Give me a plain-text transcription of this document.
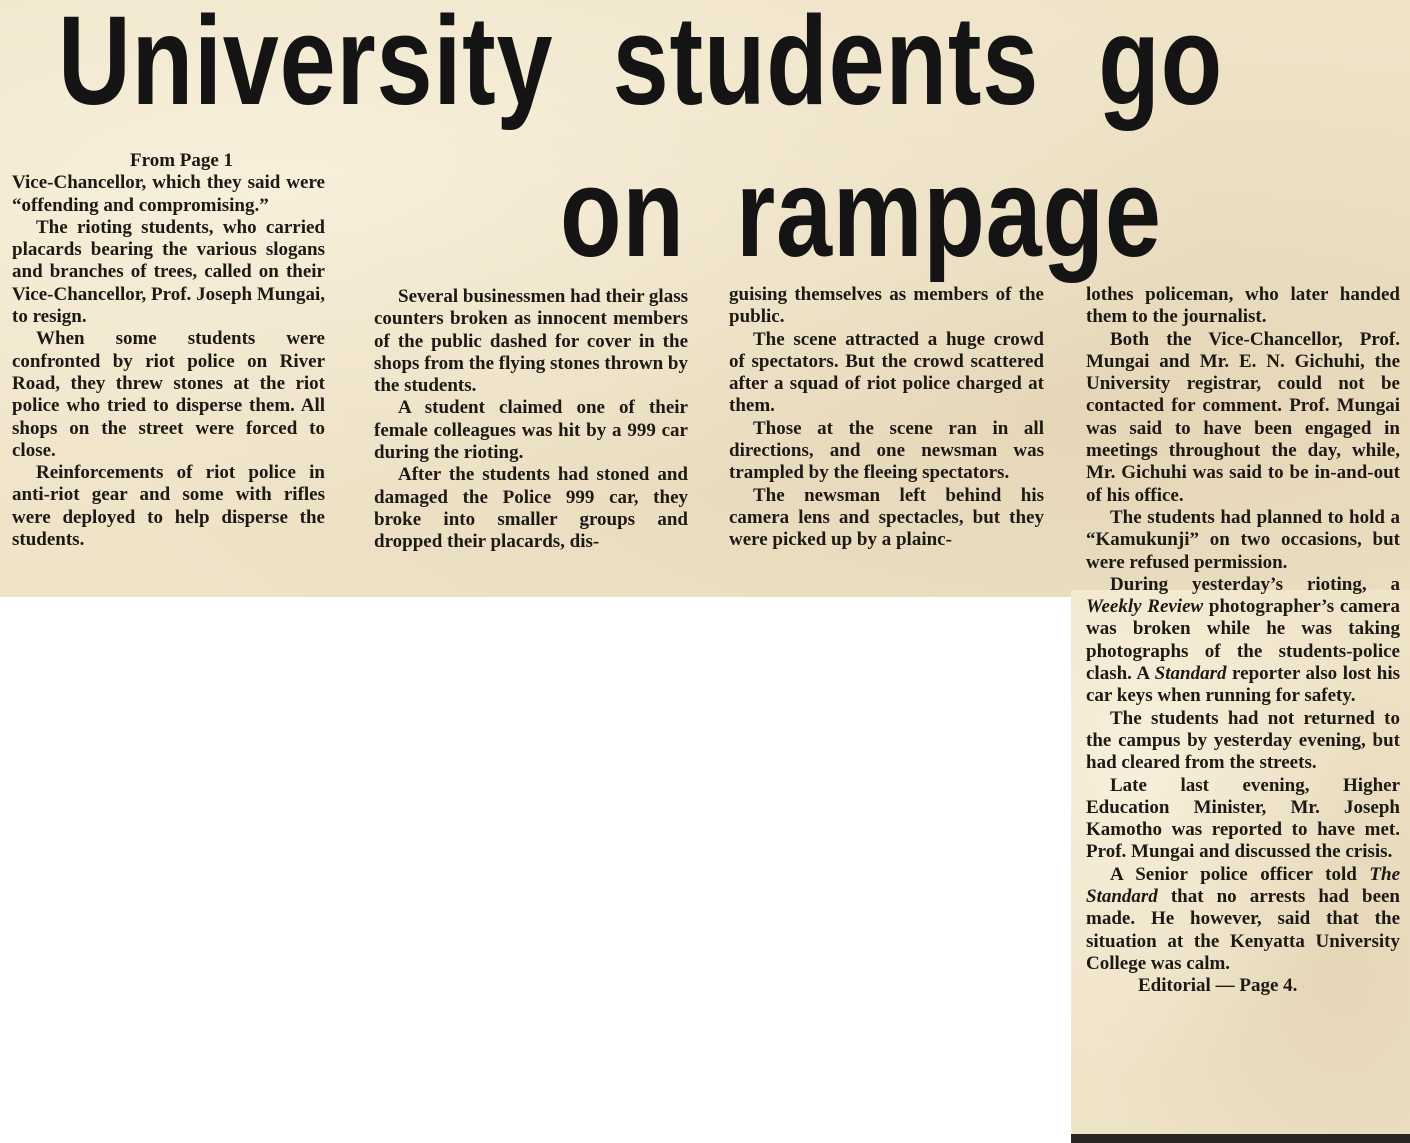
University students go
on rampage

From Page 1

Vice-Chancellor, which they said were “offending and compromising.”

The rioting students, who carried placards bearing the various slogans and branches of trees, called on their Vice-Chancellor, Prof. Joseph Mungai, to resign.

When some students were confronted by riot police on River Road, they threw stones at the riot police who tried to disperse them. All shops on the street were forced to close.

Reinforcements of riot police in anti-riot gear and some with rifles were deployed to help disperse the students.

Several businessmen had their glass counters broken as innocent members of the public dashed for cover in the shops from the flying stones thrown by the students.

A student claimed one of their female colleagues was hit by a 999 car during the rioting.

After the students had stoned and damaged the Police 999 car, they broke into smaller groups and dropped their placards, dis-

guising themselves as members of the public.

The scene attracted a huge crowd of spectators. But the crowd scattered after a squad of riot police charged at them.

Those at the scene ran in all directions, and one newsman was trampled by the fleeing spectators.

The newsman left behind his camera lens and spectacles, but they were picked up by a plainc-

lothes policeman, who later handed them to the journalist.

Both the Vice-Chancellor, Prof. Mungai and Mr. E. N. Gichuhi, the University registrar, could not be contacted for comment. Prof. Mungai was said to have been engaged in meetings throughout the day, while, Mr. Gichuhi was said to be in-and-out of his office.

The students had planned to hold a “Kamukunji” on two occasions, but were refused permission.

During yesterday’s rioting, a Weekly Review photographer’s camera was broken while he was taking photographs of the students-police clash. A Standard reporter also lost his car keys when running for safety.

The students had not returned to the campus by yesterday evening, but had cleared from the streets.

Late last evening, Higher Education Minister, Mr. Joseph Kamotho was reported to have met. Prof. Mungai and discussed the crisis.

A Senior police officer told The Standard that no arrests had been made. He however, said that the situation at the Kenyatta University College was calm.

Editorial — Page 4.
